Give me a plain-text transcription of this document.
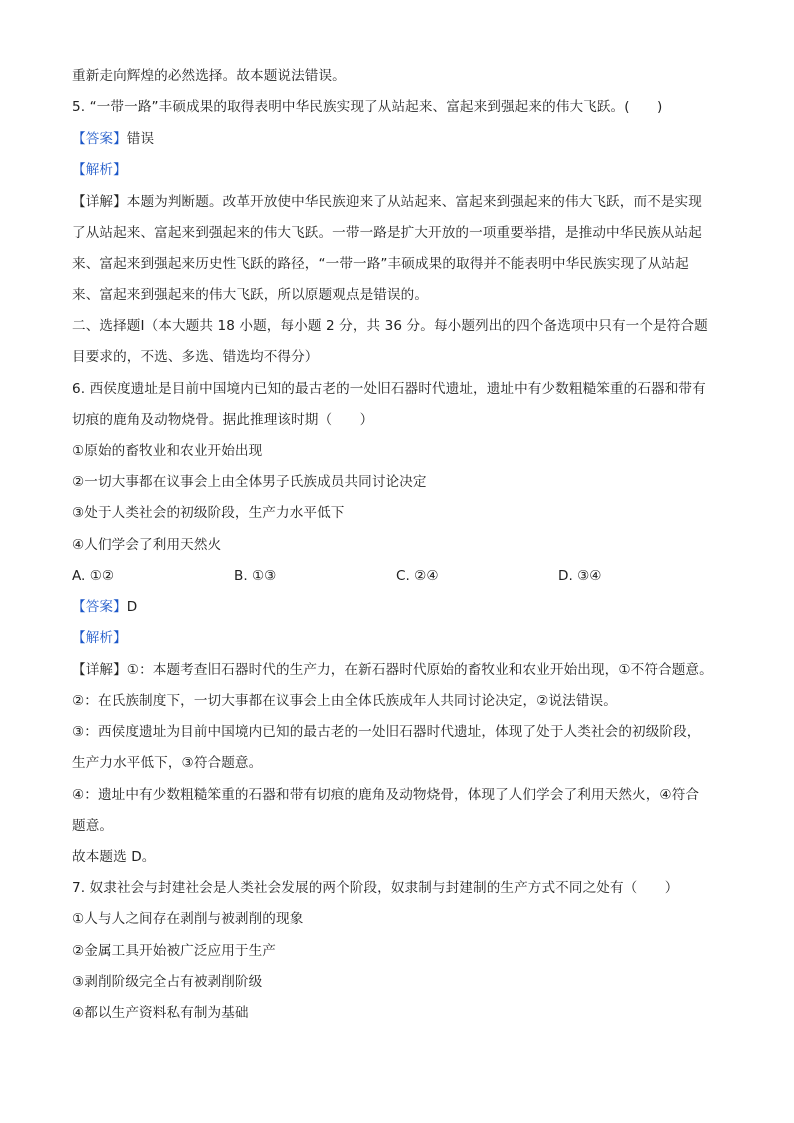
重新走向辉煌的必然选择。故本题说法错误。
5. “一带一路”丰硕成果的取得表明中华民族实现了从站起来、富起来到强起来的伟大飞跃。(　　)
【答案】错误
【解析】
【详解】本题为判断题。改革开放使中华民族迎来了从站起来、富起来到强起来的伟大飞跃，而不是实现
了从站起来、富起来到强起来的伟大飞跃。一带一路是扩大开放的一项重要举措，是推动中华民族从站起
来、富起来到强起来历史性飞跃的路径，“一带一路”丰硕成果的取得并不能表明中华民族实现了从站起
来、富起来到强起来的伟大飞跃，所以原题观点是错误的。
二、选择题Ⅰ（本大题共 18 小题，每小题 2 分，共 36 分。每小题列出的四个备选项中只有一个是符合题
目要求的，不选、多选、错选均不得分）
6. 西侯度遗址是目前中国境内已知的最古老的一处旧石器时代遗址，遗址中有少数粗糙笨重的石器和带有
切痕的鹿角及动物烧骨。据此推理该时期（　　）
①原始的畜牧业和农业开始出现
②一切大事都在议事会上由全体男子氏族成员共同讨论决定
③处于人类社会的初级阶段，生产力水平低下
④人们学会了利用天然火
A. ①②	B. ①③	C. ②④	D. ③④
【答案】D
【解析】
【详解】①：本题考查旧石器时代的生产力，在新石器时代原始的畜牧业和农业开始出现，①不符合题意。
②：在氏族制度下，一切大事都在议事会上由全体氏族成年人共同讨论决定，②说法错误。
③：西侯度遗址为目前中国境内已知的最古老的一处旧石器时代遗址，体现了处于人类社会的初级阶段，
生产力水平低下，③符合题意。
④：遗址中有少数粗糙笨重的石器和带有切痕的鹿角及动物烧骨，体现了人们学会了利用天然火，④符合
题意。
故本题选 D。
7. 奴隶社会与封建社会是人类社会发展的两个阶段，奴隶制与封建制的生产方式不同之处有（　　）
①人与人之间存在剥削与被剥削的现象
②金属工具开始被广泛应用于生产
③剥削阶级完全占有被剥削阶级
④都以生产资料私有制为基础
